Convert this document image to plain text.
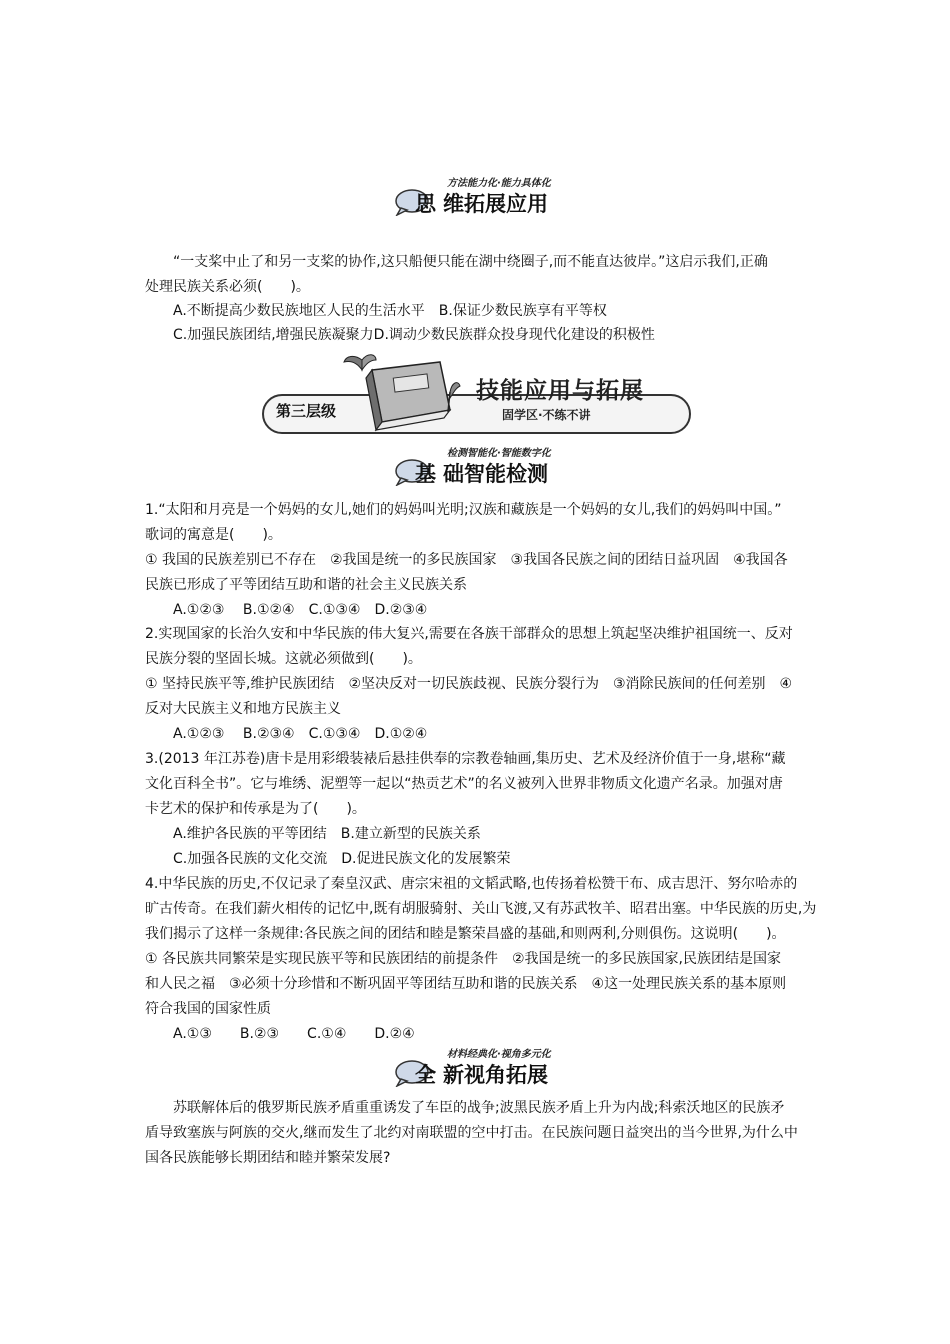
方法能力化·能力具体化
思 维拓展应用

“一支桨中止了和另一支桨的协作,这只船便只能在湖中绕圈子,而不能直达彼岸。”这启示我们,正确

处理民族关系必须(　　)。

A.不断提高少数民族地区人民的生活水平　B.保证少数民族享有平等权

C.加强民族团结,增强民族凝聚力D.调动少数民族群众投身现代化建设的积极性

第三层级
技能应用与拓展
固学区·不练不讲
检测智能化·智能数字化
基 础智能检测

1.“太阳和月亮是一个妈妈的女儿,她们的妈妈叫光明;汉族和藏族是一个妈妈的女儿,我们的妈妈叫中国。”

歌词的寓意是(　　)。

① 我国的民族差别已不存在　②我国是统一的多民族国家　③我国各民族之间的团结日益巩固　④我国各

民族已形成了平等团结互助和谐的社会主义民族关系

A.①②③　 B.①②④　C.①③④　D.②③④

2.实现国家的长治久安和中华民族的伟大复兴,需要在各族干部群众的思想上筑起坚决维护祖国统一、反对

民族分裂的坚固长城。这就必须做到(　　)。

① 坚持民族平等,维护民族团结　②坚决反对一切民族歧视、民族分裂行为　③消除民族间的任何差别　④

反对大民族主义和地方民族主义

A.①②③　 B.②③④　C.①③④　D.①②④

3.(2013 年江苏卷)唐卡是用彩缎装裱后悬挂供奉的宗教卷轴画,集历史、艺术及经济价值于一身,堪称“藏

文化百科全书”。它与堆绣、泥塑等一起以“热贡艺术”的名义被列入世界非物质文化遗产名录。加强对唐

卡艺术的保护和传承是为了(　　)。

A.维护各民族的平等团结　B.建立新型的民族关系

C.加强各民族的文化交流　D.促进民族文化的发展繁荣

4.中华民族的历史,不仅记录了秦皇汉武、唐宗宋祖的文韬武略,也传扬着松赞干布、成吉思汗、努尔哈赤的

旷古传奇。在我们薪火相传的记忆中,既有胡服骑射、关山飞渡,又有苏武牧羊、昭君出塞。中华民族的历史,为

我们揭示了这样一条规律:各民族之间的团结和睦是繁荣昌盛的基础,和则两利,分则俱伤。这说明(　　)。

① 各民族共同繁荣是实现民族平等和民族团结的前提条件　②我国是统一的多民族国家,民族团结是国家

和人民之福　③必须十分珍惜和不断巩固平等团结互助和谐的民族关系　④这一处理民族关系的基本原则

符合我国的国家性质

A.①③　　B.②③　　C.①④　　D.②④

材料经典化·视角多元化
全 新视角拓展

苏联解体后的俄罗斯民族矛盾重重诱发了车臣的战争;波黑民族矛盾上升为内战;科索沃地区的民族矛

盾导致塞族与阿族的交火,继而发生了北约对南联盟的空中打击。在民族问题日益突出的当今世界,为什么中

国各民族能够长期团结和睦并繁荣发展?
